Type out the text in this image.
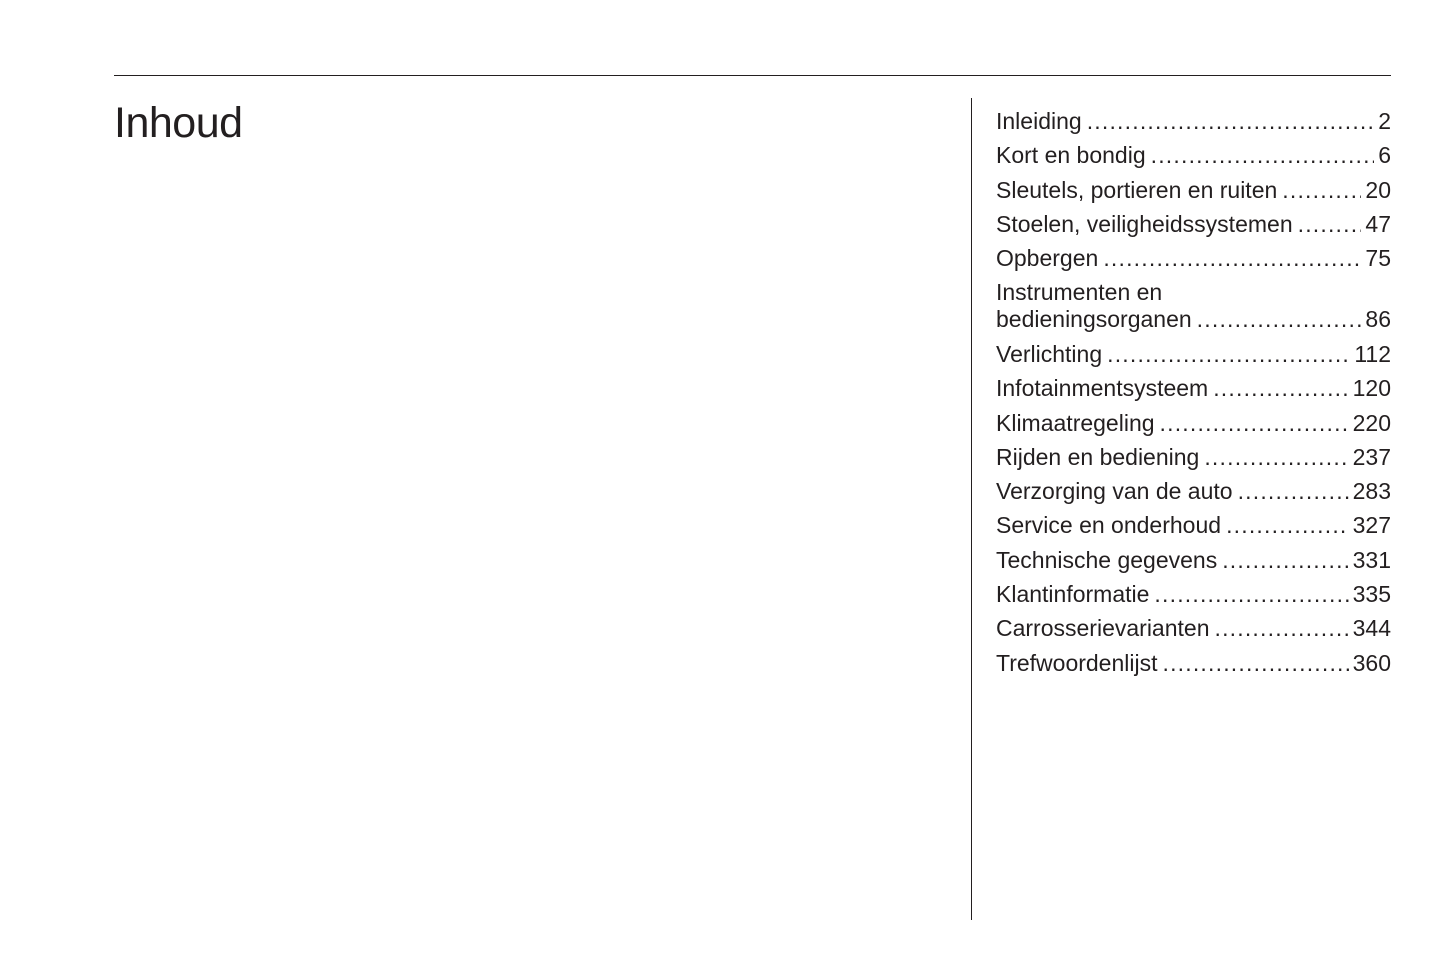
Inhoud	Inleiding .....	2
Kort en bondig .....	6
Sleutels, portieren en ruiten .....	20
Stoelen, veiligheidssystemen .....	47
Opbergen .....	75
Instrumenten en
bedieningsorganen .....	86
Verlichting .....	112
Infotainmentsysteem .....	120
Klimaatregeling .....	220
Rijden en bediening .....	237
Verzorging van de auto .....	283
Service en onderhoud .....	327
Technische gegevens .....	331
Klantinformatie .....	335
Carrosserievarianten .....	344
Trefwoordenlijst .....	360
